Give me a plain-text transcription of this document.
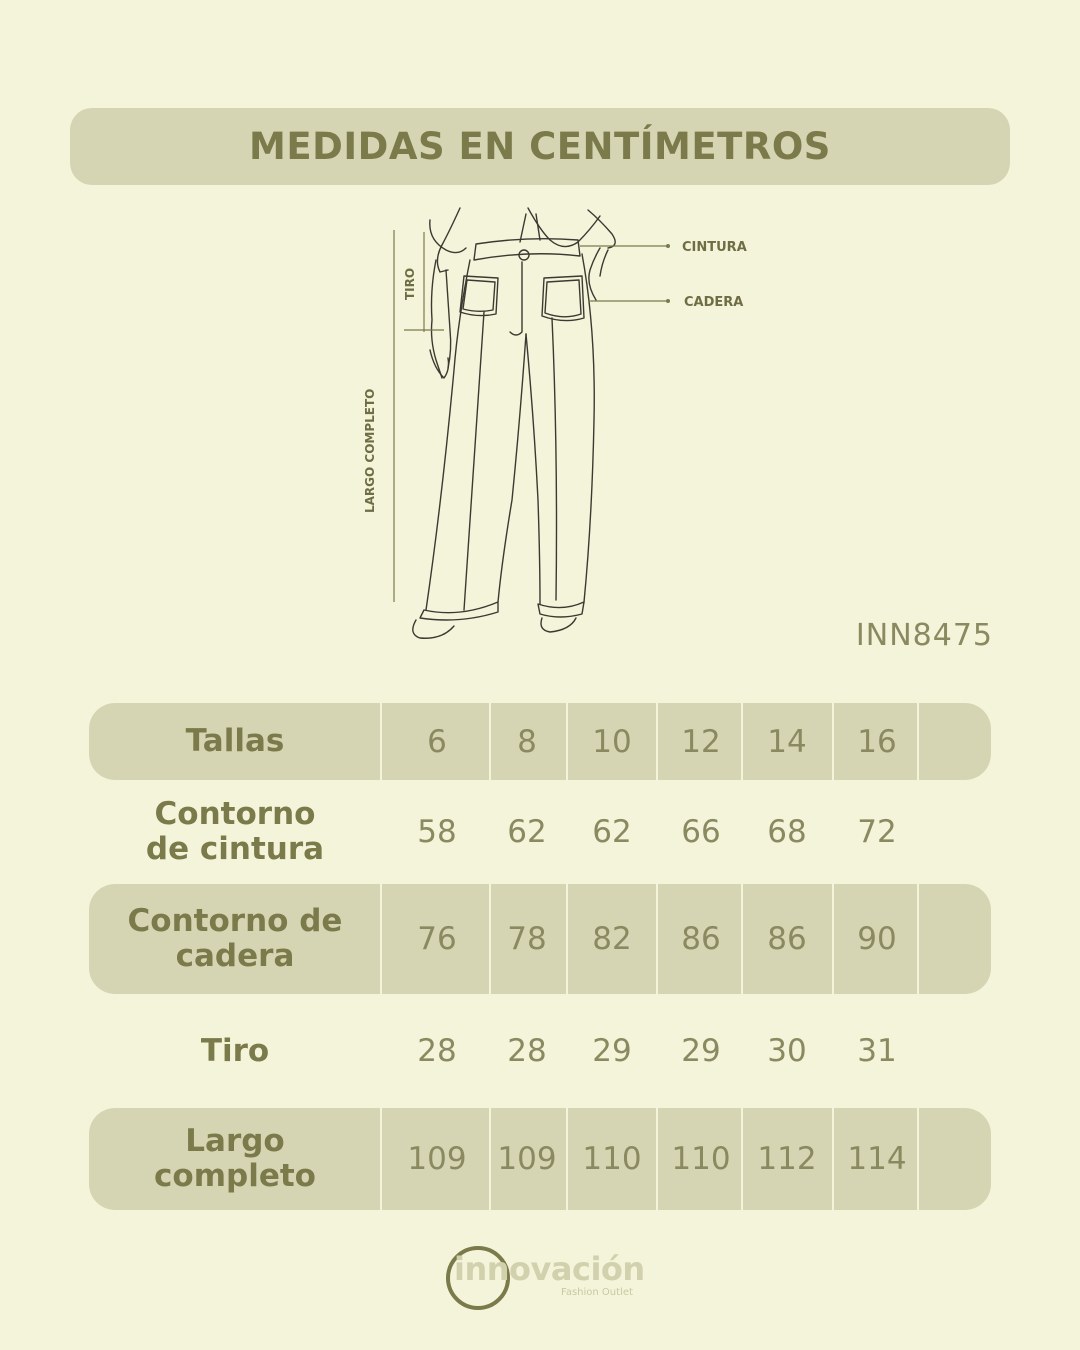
MEDIDAS EN CENTÍMETROS
CINTURA
CADERA
TIRO
LARGO COMPLETO
INN8475
Tallas	6	8	10	12	14	16
Contorno
de cintura	58	62	62	66	68	72
Contorno de
cadera	76	78	82	86	86	90
Tiro	28	28	29	29	30	31
Largo
completo	109 109 110 110 112 114
innovación
Fashion Outlet
